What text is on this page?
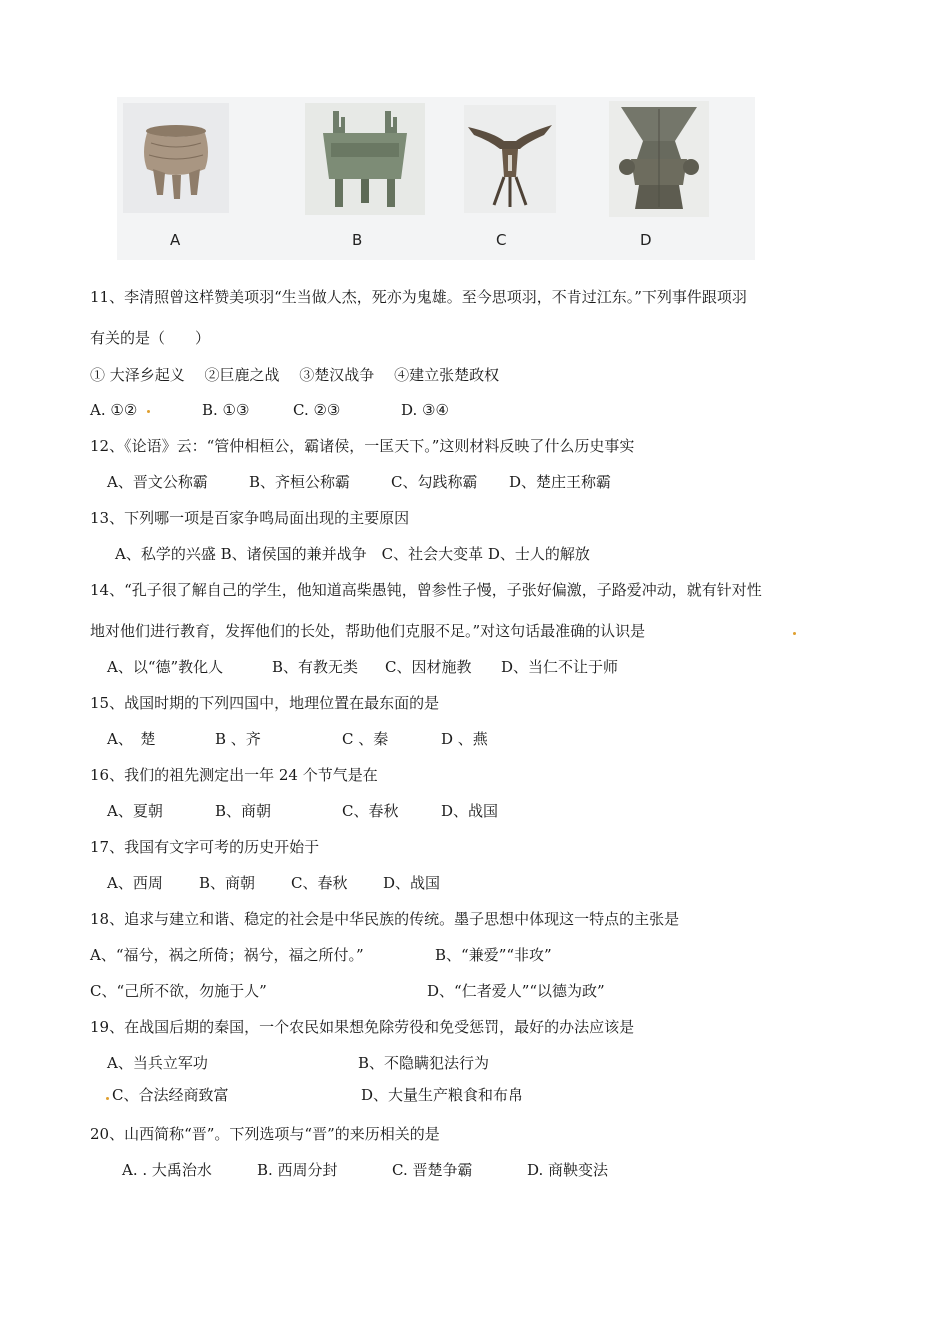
A	B	C	D
11、李清照曾这样赞美项羽“生当做人杰，死亦为鬼雄。至今思项羽，不肯过江东。”下列事件跟项羽
有关的是（　　）
① 大泽乡起义　 ②巨鹿之战　 ③楚汉战争　 ④建立张楚政权
A. ①②	B. ①③	C. ②③	D. ③④
12、《论语》云：“管仲相桓公，霸诸侯，一匡天下。”这则材料反映了什么历史事实
A、晋文公称霸	B、齐桓公称霸	C、勾践称霸 D、楚庄王称霸
13、下列哪一项是百家争鸣局面出现的主要原因
A、私学的兴盛 B、诸侯国的兼并战争　C、社会大变革 D、士人的解放
14、“孔子很了解自己的学生，他知道高柴愚钝，曾参性子慢，子张好偏激，子路爱冲动，就有针对性
地对他们进行教育，发挥他们的长处，帮助他们克服不足。”对这句话最准确的认识是
A、以“德”教化人	B、有教无类 C、因材施教 D、当仁不让于师
15、战国时期的下列四国中，地理位置在最东面的是
A、　楚	B 、齐	C 、秦	D 、燕
16、我们的祖先测定出一年 24 个节气是在
A、夏朝	B、商朝	C、春秋	D、战国
17、我国有文字可考的历史开始于
A、西周 B、商朝 C、春秋 D、战国
18、追求与建立和谐、稳定的社会是中华民族的传统。墨子思想中体现这一特点的主张是
A、“福兮，祸之所倚；祸兮，福之所付。”	B、“兼爱”“非攻”
C、“己所不欲，勿施于人”	D、“仁者爱人”“以德为政”
19、在战国后期的秦国，一个农民如果想免除劳役和免受惩罚，最好的办法应该是
A、当兵立军功	B、不隐瞒犯法行为
C、合法经商致富	D、大量生产粮食和布帛
20、山西简称“晋”。下列选项与“晋”的来历相关的是
A. . 大禹治水	B. 西周分封	C. 晋楚争霸	D. 商鞅变法
